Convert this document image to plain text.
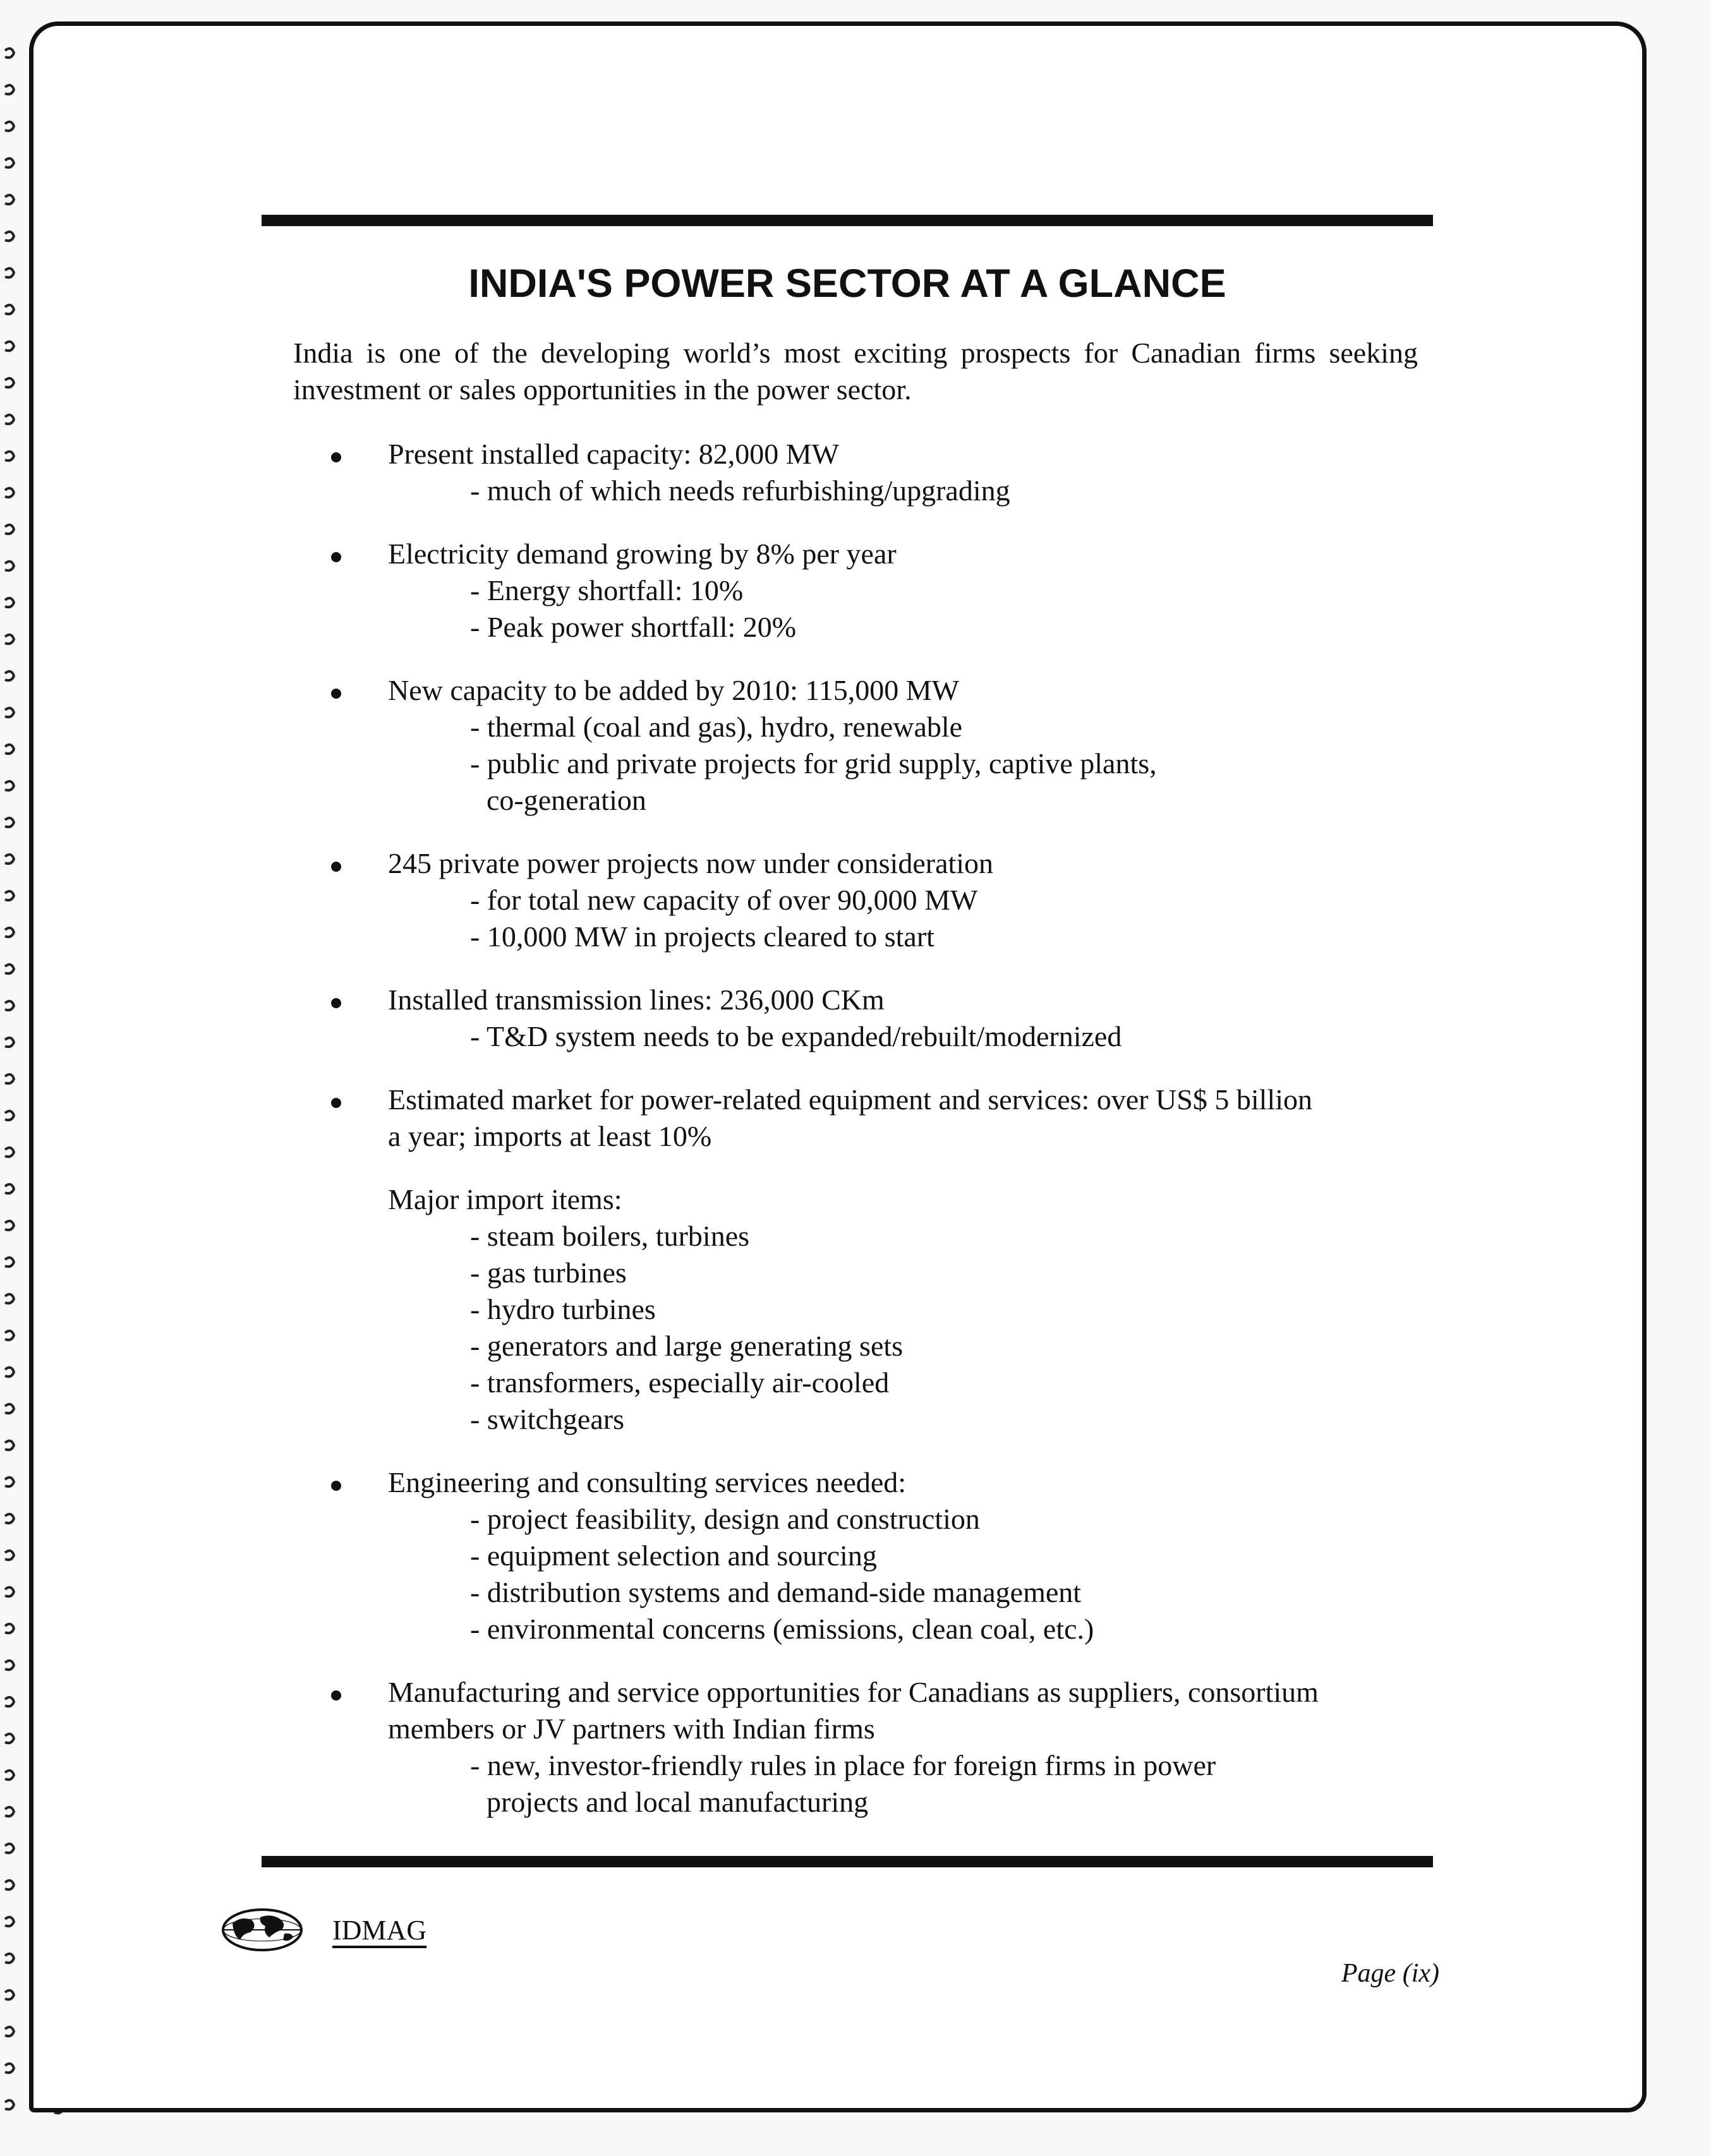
INDIA'S POWER SECTOR AT A GLANCE

India is one of the developing world’s most exciting prospects for Canadian firms seeking investment or sales opportunities in the power sector.

Present installed capacity: 82,000 MW

- much of which needs refurbishing/upgrading

Electricity demand growing by 8% per year

- Energy shortfall: 10%

- Peak power shortfall: 20%

New capacity to be added by 2010: 115,000 MW

- thermal (coal and gas), hydro, renewable

- public and private projects for grid supply, captive plants,

co-generation

245 private power projects now under consideration

- for total new capacity of over 90,000 MW

- 10,000 MW in projects cleared to start

Installed transmission lines: 236,000 CKm

- T&D system needs to be expanded/rebuilt/modernized

Estimated market for power-related equipment and services: over US$ 5 billion

a year; imports at least 10%

Major import items:

- steam boilers, turbines

- gas turbines

- hydro turbines

- generators and large generating sets

- transformers, especially air-cooled

- switchgears

Engineering and consulting services needed:

- project feasibility, design and construction

- equipment selection and sourcing

- distribution systems and demand-side management

- environmental concerns (emissions, clean coal, etc.)

Manufacturing and service opportunities for Canadians as suppliers, consortium

members or JV partners with Indian firms

- new, investor-friendly rules in place for foreign firms in power

projects and local manufacturing

IDMAG

Page (ix)
